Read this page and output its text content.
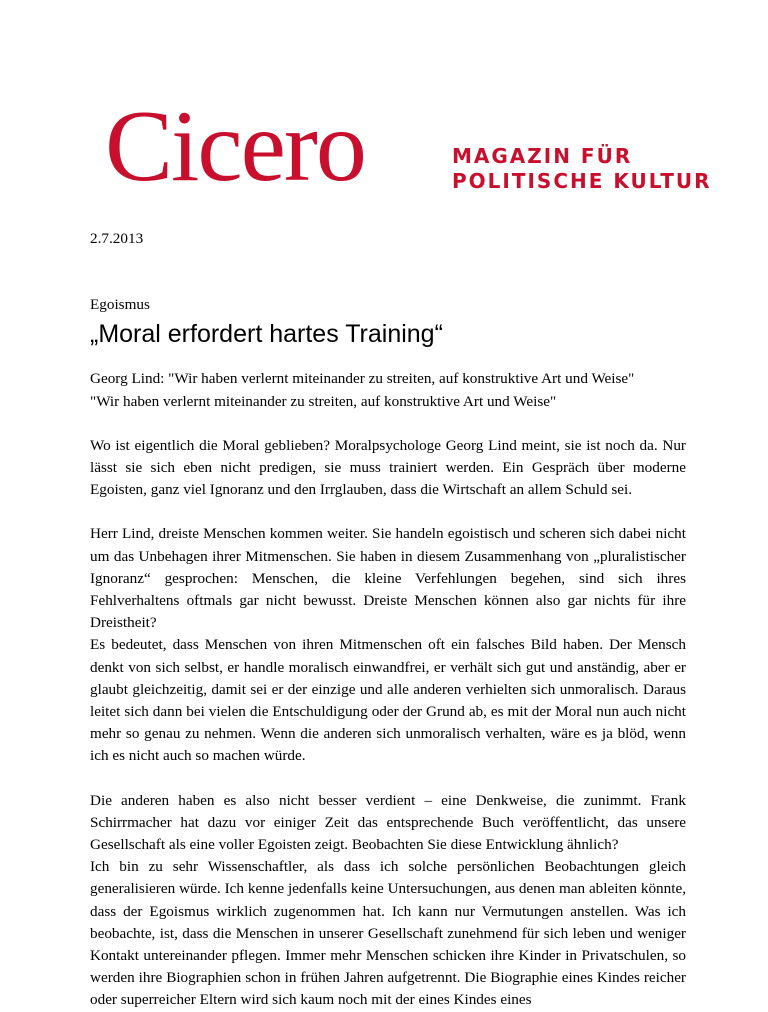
Cicero	MAGAZIN FÜR
POLITISCHE KULTUR
2.7.2013
Egoismus
„Moral erfordert hartes Training“
Georg Lind: "Wir haben verlernt miteinander zu streiten, auf konstruktive Art und Weise"
"Wir haben verlernt miteinander zu streiten, auf konstruktive Art und Weise"

Wo ist eigentlich die Moral geblieben? Moralpsychologe Georg Lind meint, sie ist noch da. Nur lässt sie sich eben nicht predigen, sie muss trainiert werden. Ein Gespräch über moderne Egoisten, ganz viel Ignoranz und den Irrglauben, dass die Wirtschaft an allem Schuld sei.

Herr Lind, dreiste Menschen kommen weiter. Sie handeln egoistisch und scheren sich dabei nicht um das Unbehagen ihrer Mitmenschen. Sie haben in diesem Zusammenhang von „pluralistischer Ignoranz“ gesprochen: Menschen, die kleine Verfehlungen begehen, sind sich ihres Fehlverhaltens oftmals gar nicht bewusst. Dreiste Menschen können also gar nichts für ihre Dreistheit?
Es bedeutet, dass Menschen von ihren Mitmenschen oft ein falsches Bild haben. Der Mensch denkt von sich selbst, er handle moralisch einwandfrei, er verhält sich gut und anständig, aber er glaubt gleichzeitig, damit sei er der einzige und alle anderen verhielten sich unmoralisch. Daraus leitet sich dann bei vielen die Entschuldigung oder der Grund ab, es mit der Moral nun auch nicht mehr so genau zu nehmen. Wenn die anderen sich unmoralisch verhalten, wäre es ja blöd, wenn ich es nicht auch so machen würde.
Die anderen haben es also nicht besser verdient – eine Denkweise, die zunimmt. Frank Schirrmacher hat dazu vor einiger Zeit das entsprechende Buch veröffentlicht, das unsere Gesellschaft als eine voller Egoisten zeigt. Beobachten Sie diese Entwicklung ähnlich?
Ich bin zu sehr Wissenschaftler, als dass ich solche persönlichen Beobachtungen gleich generalisieren würde. Ich kenne jedenfalls keine Untersuchungen, aus denen man ableiten könnte, dass der Egoismus wirklich zugenommen hat. Ich kann nur Vermutungen anstellen. Was ich beobachte, ist, dass die Menschen in unserer Gesellschaft zunehmend für sich leben und weniger Kontakt untereinander pflegen. Immer mehr Menschen schicken ihre Kinder in Privatschulen, so werden ihre Biographien schon in frühen Jahren aufgetrennt. Die Biographie eines Kindes reicher oder superreicher Eltern wird sich kaum noch mit der eines Kindes eines
